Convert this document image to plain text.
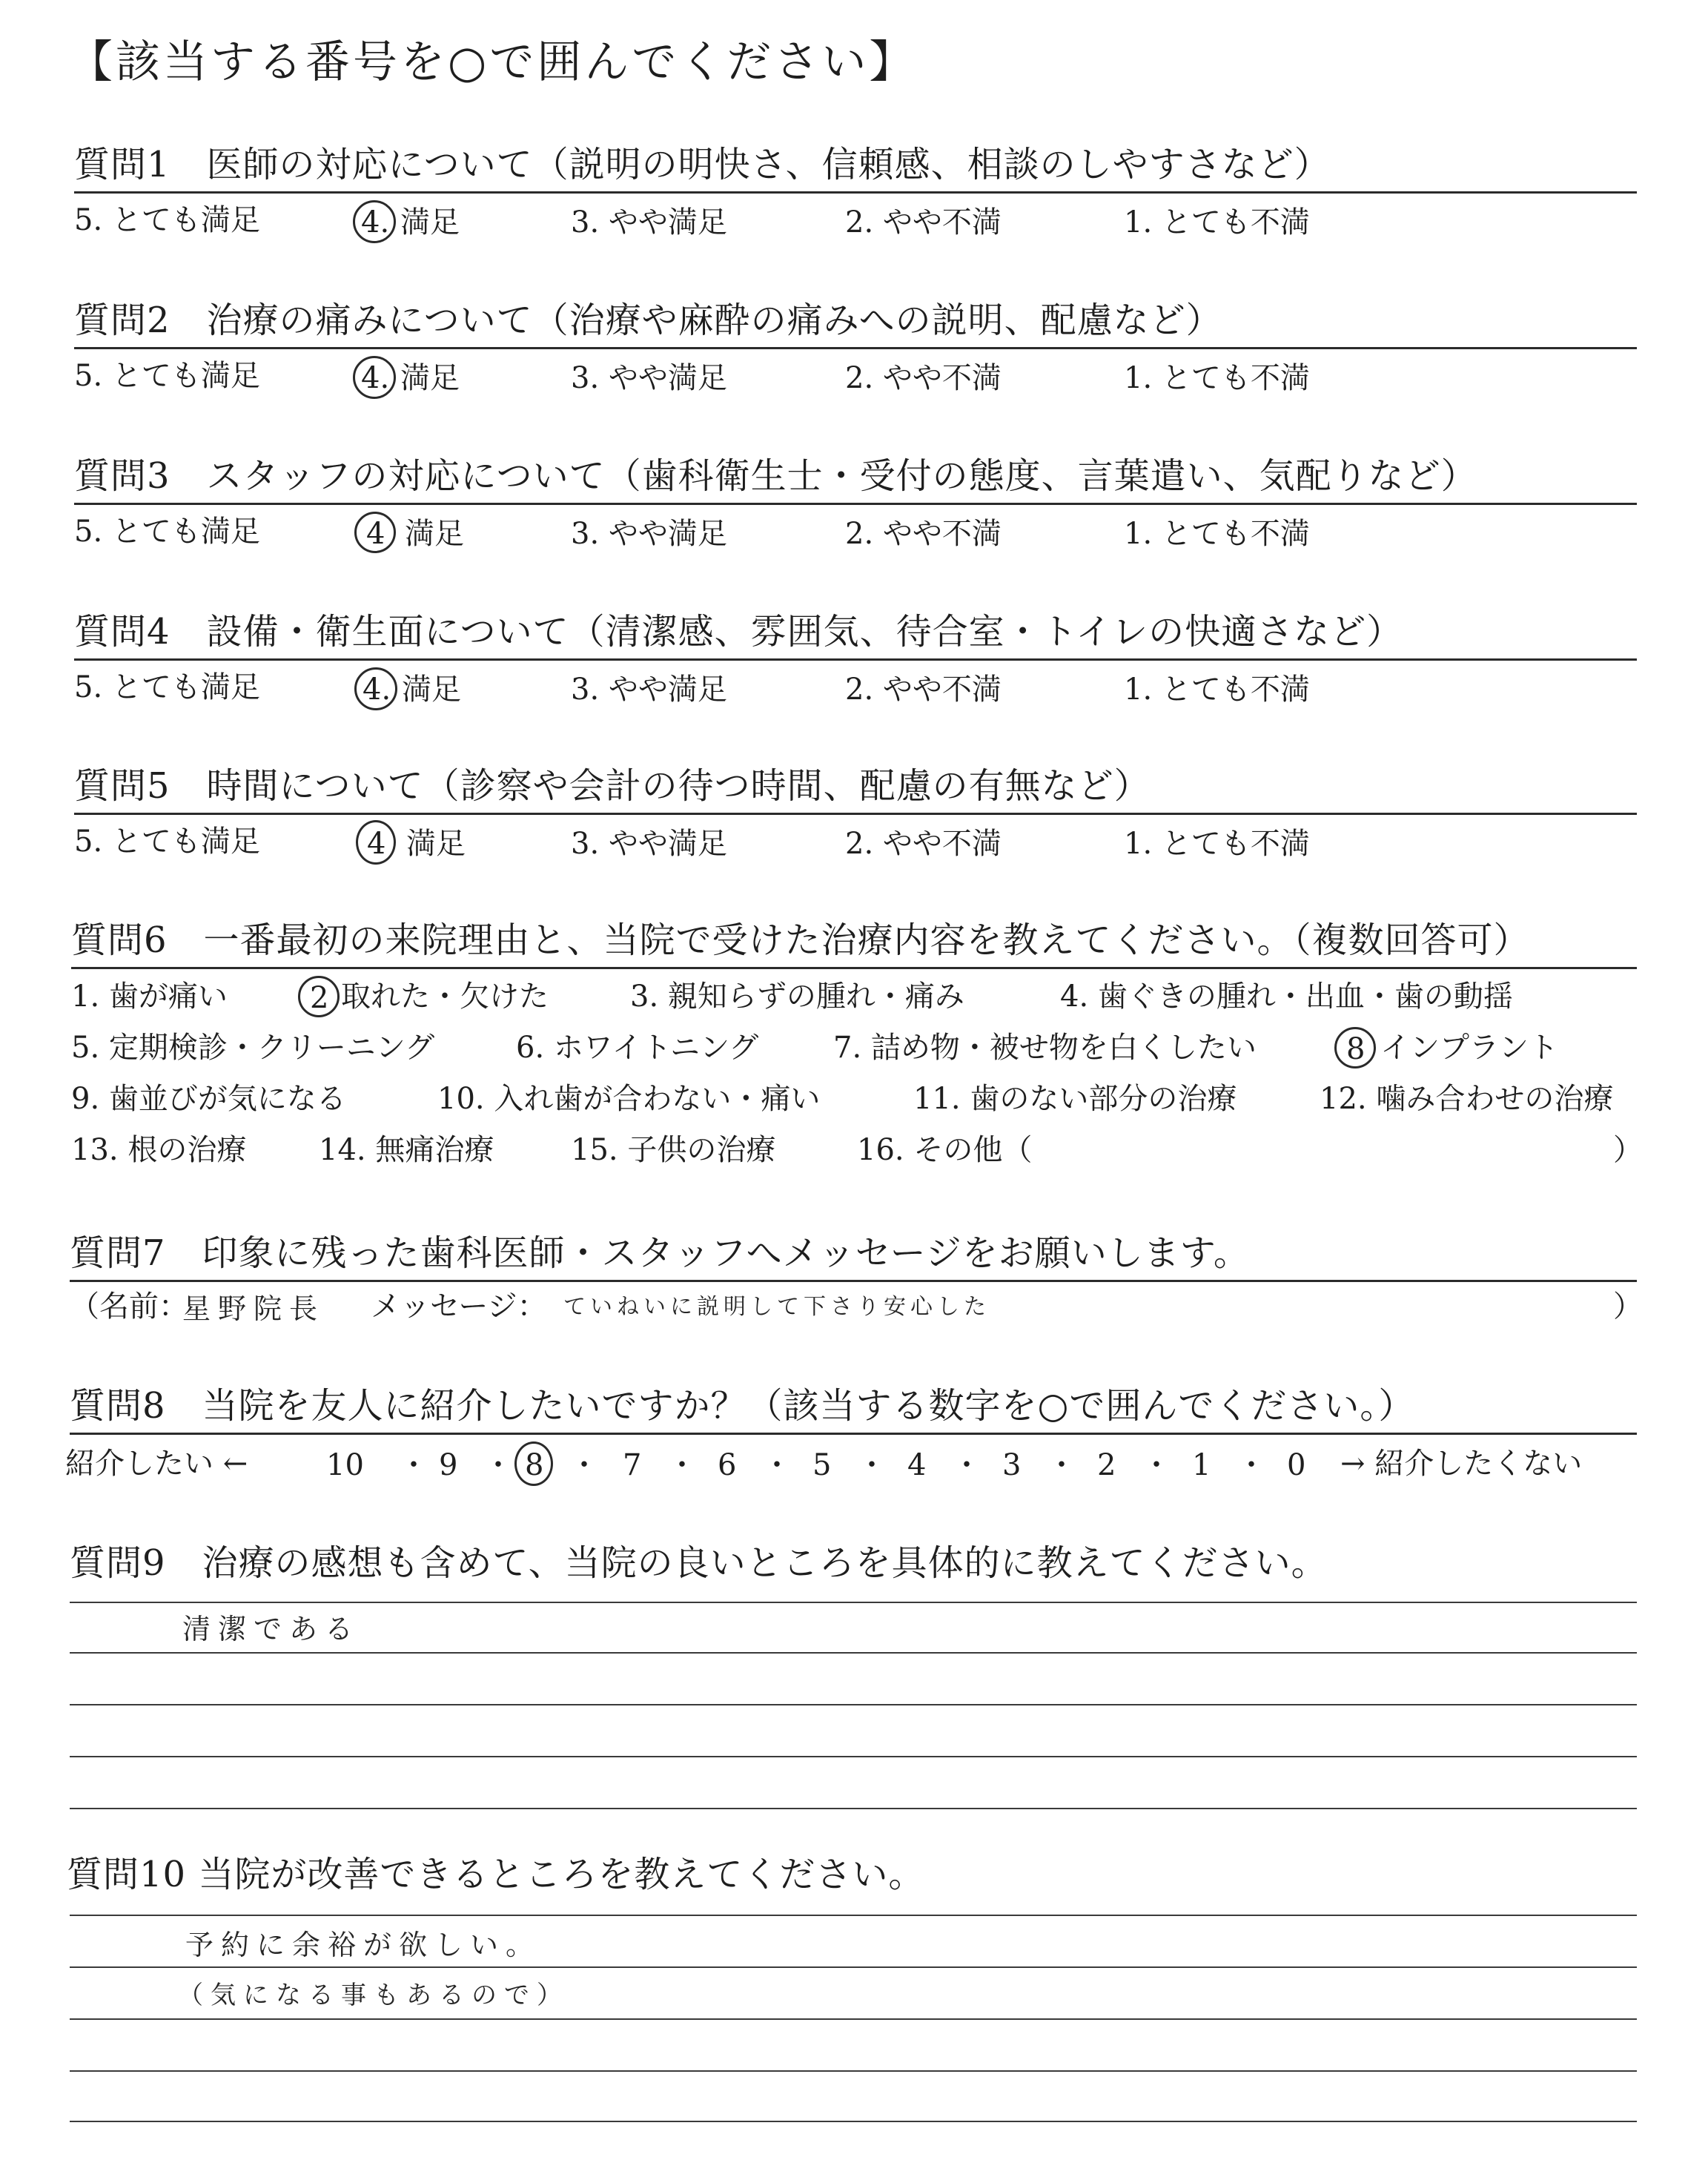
【該当する番号を○で囲んでください】
質問1　医師の対応について（説明の明快さ、信頼感、相談のしやすさなど）
5. とても満足	4. 満足	3. やや満足	2. やや不満	1. とても不満
質問2　治療の痛みについて（治療や麻酔の痛みへの説明、配慮など）
5. とても満足	4. 満足	3. やや満足	2. やや不満	1. とても不満
質問3　スタッフの対応について（歯科衛生士・受付の態度、言葉遣い、気配りなど）
5. とても満足	4 満足	3. やや満足	2. やや不満	1. とても不満
質問4　設備・衛生面について（清潔感、雰囲気、待合室・トイレの快適さなど）
5. とても満足	4. 満足	3. やや満足	2. やや不満	1. とても不満
質問5　時間について（診察や会計の待つ時間、配慮の有無など）
5. とても満足	4 満足	3. やや満足	2. やや不満	1. とても不満
質問6　一番最初の来院理由と、当院で受けた治療内容を教えてください。（複数回答可）
1. 歯が痛い	2 取れた・欠けた	3. 親知らずの腫れ・痛み	4. 歯ぐきの腫れ・出血・歯の動揺
5. 定期検診・クリーニング	6. ホワイトニング	7. 詰め物・被せ物を白くしたい	8 インプラント
9. 歯並びが気になる	10. 入れ歯が合わない・痛い	11. 歯のない部分の治療	12. 噛み合わせの治療
13. 根の治療 14. 無痛治療	15. 子供の治療	16. その他（	）
質問7　印象に残った歯科医師・スタッフへメッセージをお願いします。
（名前：
星野院長 メッセージ： ていねいに説明して下さり安心した	）
質問8　当院を友人に紹介したいですか？（該当する数字を○で囲んでください。）
紹介したい ←	→ 紹介したくない
10 ・ 9 ・ 8 ・ 7 ・ 6 ・ 5 ・ 4 ・ 3 ・ 2 ・ 1 ・ 0
質問9　治療の感想も含めて、当院の良いところを具体的に教えてください。
清潔である
質問10 当院が改善できるところを教えてください。
予約に余裕が欲しい。
（気になる事もあるので）
